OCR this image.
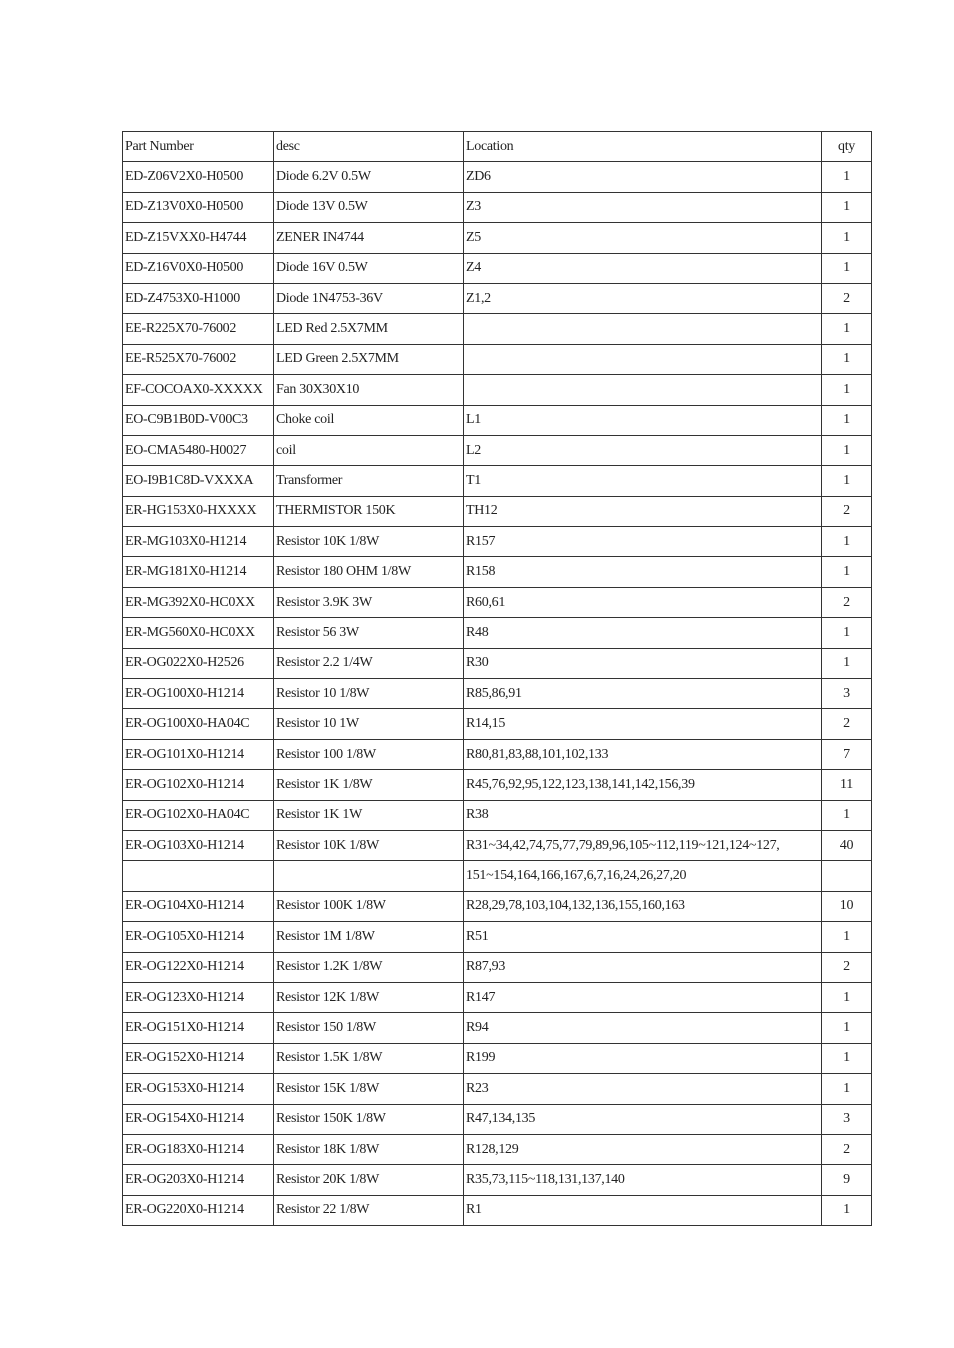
Part Number	desc	Location	qty
ED-Z06V2X0-H0500	Diode 6.2V 0.5W	ZD6	1
ED-Z13V0X0-H0500	Diode 13V 0.5W	Z3	1
ED-Z15VXX0-H4744	ZENER IN4744	Z5	1
ED-Z16V0X0-H0500	Diode 16V 0.5W	Z4	1
ED-Z4753X0-H1000	Diode 1N4753-36V	Z1,2	2
EE-R225X70-76002	LED Red 2.5X7MM		1
EE-R525X70-76002	LED Green 2.5X7MM		1
EF-COCOAX0-XXXXX	Fan 30X30X10		1
EO-C9B1B0D-V00C3	Choke coil	L1	1
EO-CMA5480-H0027	coil	L2	1
EO-I9B1C8D-VXXXA	Transformer	T1	1
ER-HG153X0-HXXXX	THERMISTOR 150K	TH12	2
ER-MG103X0-H1214	Resistor 10K 1/8W	R157	1
ER-MG181X0-H1214	Resistor 180 OHM 1/8W	R158	1
ER-MG392X0-HC0XX	Resistor 3.9K 3W	R60,61	2
ER-MG560X0-HC0XX	Resistor 56 3W	R48	1
ER-OG022X0-H2526	Resistor 2.2 1/4W	R30	1
ER-OG100X0-H1214	Resistor 10 1/8W	R85,86,91	3
ER-OG100X0-HA04C	Resistor 10 1W	R14,15	2
ER-OG101X0-H1214	Resistor 100 1/8W	R80,81,83,88,101,102,133	7
ER-OG102X0-H1214	Resistor 1K 1/8W	R45,76,92,95,122,123,138,141,142,156,39	11
ER-OG102X0-HA04C	Resistor 1K 1W	R38	1
ER-OG103X0-H1214	Resistor 10K 1/8W	R31~34,42,74,75,77,79,89,96,105~112,119~121,124~127,	40
		151~154,164,166,167,6,7,16,24,26,27,20	
ER-OG104X0-H1214	Resistor 100K 1/8W	R28,29,78,103,104,132,136,155,160,163	10
ER-OG105X0-H1214	Resistor 1M 1/8W	R51	1
ER-OG122X0-H1214	Resistor 1.2K 1/8W	R87,93	2
ER-OG123X0-H1214	Resistor 12K 1/8W	R147	1
ER-OG151X0-H1214	Resistor 150 1/8W	R94	1
ER-OG152X0-H1214	Resistor 1.5K 1/8W	R199	1
ER-OG153X0-H1214	Resistor 15K 1/8W	R23	1
ER-OG154X0-H1214	Resistor 150K 1/8W	R47,134,135	3
ER-OG183X0-H1214	Resistor 18K 1/8W	R128,129	2
ER-OG203X0-H1214	Resistor 20K 1/8W	R35,73,115~118,131,137,140	9
ER-OG220X0-H1214	Resistor 22 1/8W	R1	1
